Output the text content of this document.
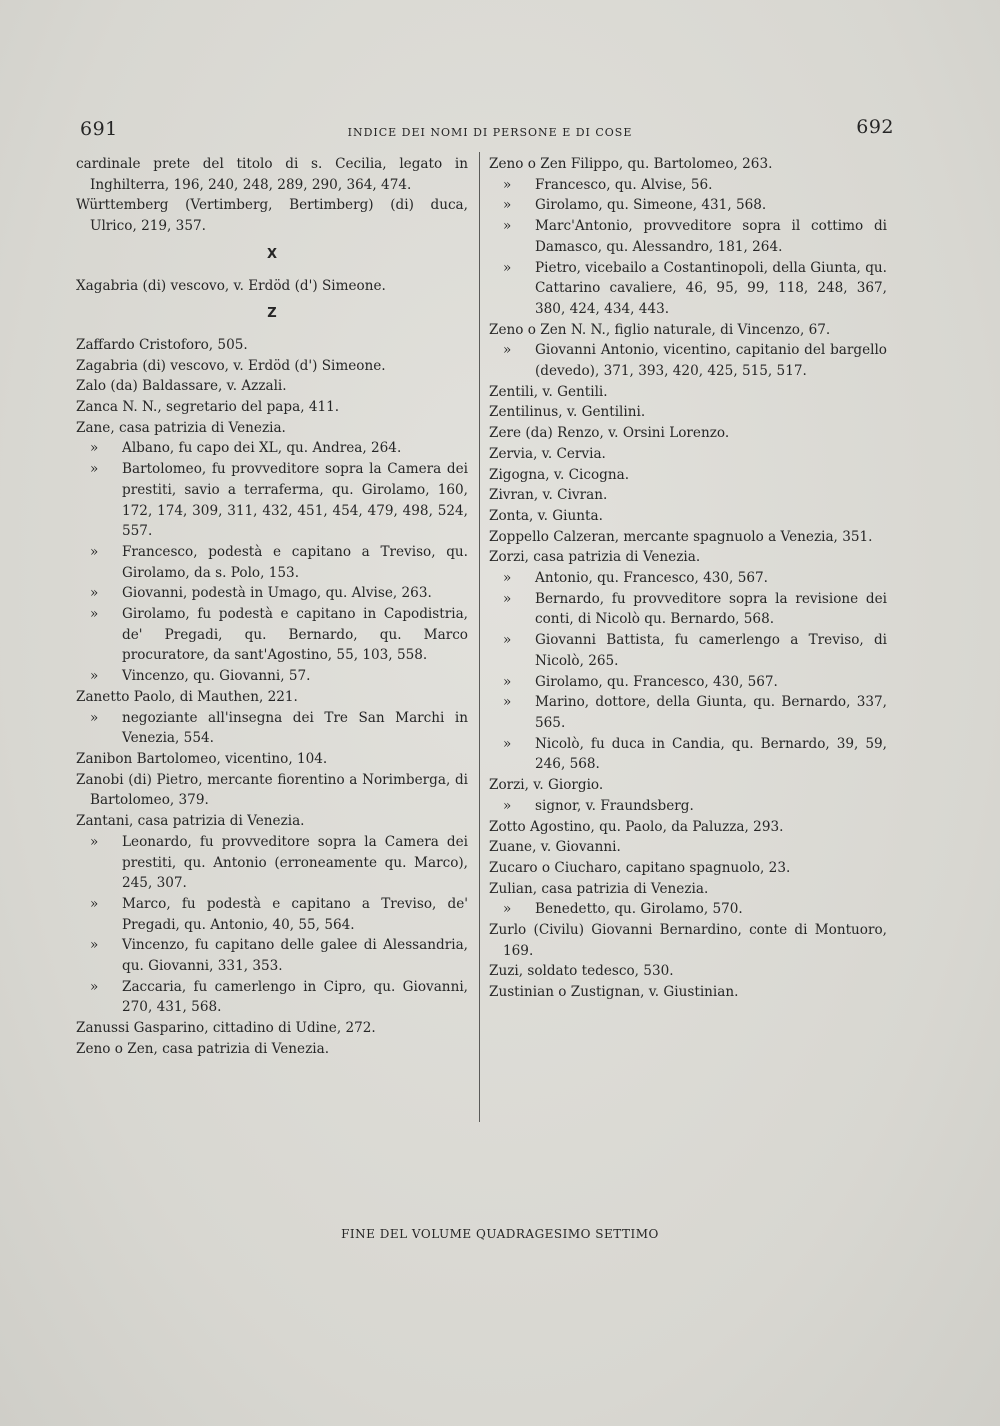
691	INDICE DEI NOMI DI PERSONE E DI COSE	692
cardinale prete del titolo di s. Cecilia, legato in Inghilterra, 196, 240, 248, 289, 290, 364, 474.
Württemberg (Vertimberg, Bertimberg) (di) duca, Ulrico, 219, 357.
X
Xagabria (di) vescovo, v. Erdöd (d') Simeone.
Z
Zaffardo Cristoforo, 505.
Zagabria (di) vescovo, v. Erdöd (d') Simeone.
Zalo (da) Baldassare, v. Azzali.
Zanca N. N., segretario del papa, 411.
Zane, casa patrizia di Venezia.
» Albano, fu capo dei XL, qu. Andrea, 264.
» Bartolomeo, fu provveditore sopra la Camera dei prestiti, savio a terraferma, qu. Girolamo, 160, 172, 174, 309, 311, 432, 451, 454, 479, 498, 524, 557.
» Francesco, podestà e capitano a Treviso, qu. Girolamo, da s. Polo, 153.
» Giovanni, podestà in Umago, qu. Alvise, 263.
» Girolamo, fu podestà e capitano in Capodistria, de' Pregadi, qu. Bernardo, qu. Marco procuratore, da sant'Agostino, 55, 103, 558.
» Vincenzo, qu. Giovanni, 57.
Zanetto Paolo, di Mauthen, 221.
» negoziante all'insegna dei Tre San Marchi in Venezia, 554.
Zanibon Bartolomeo, vicentino, 104.
Zanobi (di) Pietro, mercante fiorentino a Norimberga, di Bartolomeo, 379.
Zantani, casa patrizia di Venezia.
» Leonardo, fu provveditore sopra la Camera dei prestiti, qu. Antonio (erroneamente qu. Marco), 245, 307.
» Marco, fu podestà e capitano a Treviso, de' Pregadi, qu. Antonio, 40, 55, 564.
» Vincenzo, fu capitano delle galee di Alessandria, qu. Giovanni, 331, 353.
» Zaccaria, fu camerlengo in Cipro, qu. Giovanni, 270, 431, 568.
Zanussi Gasparino, cittadino di Udine, 272.
Zeno o Zen, casa patrizia di Venezia.
Zeno o Zen Filippo, qu. Bartolomeo, 263.
» Francesco, qu. Alvise, 56.
» Girolamo, qu. Simeone, 431, 568.
» Marc'Antonio, provveditore sopra il cottimo di Damasco, qu. Alessandro, 181, 264.
» Pietro, vicebailo a Costantinopoli, della Giunta, qu. Cattarino cavaliere, 46, 95, 99, 118, 248, 367, 380, 424, 434, 443.
Zeno o Zen N. N., figlio naturale, di Vincenzo, 67.
» Giovanni Antonio, vicentino, capitanio del bargello (devedo), 371, 393, 420, 425, 515, 517.
Zentili, v. Gentili.
Zentilinus, v. Gentilini.
Zere (da) Renzo, v. Orsini Lorenzo.
Zervia, v. Cervia.
Zigogna, v. Cicogna.
Zivran, v. Civran.
Zonta, v. Giunta.
Zoppello Calzeran, mercante spagnuolo a Venezia, 351.
Zorzi, casa patrizia di Venezia.
» Antonio, qu. Francesco, 430, 567.
» Bernardo, fu provveditore sopra la revisione dei conti, di Nicolò qu. Bernardo, 568.
» Giovanni Battista, fu camerlengo a Treviso, di Nicolò, 265.
» Girolamo, qu. Francesco, 430, 567.
» Marino, dottore, della Giunta, qu. Bernardo, 337, 565.
» Nicolò, fu duca in Candia, qu. Bernardo, 39, 59, 246, 568.
Zorzi, v. Giorgio.
» signor, v. Fraundsberg.
Zotto Agostino, qu. Paolo, da Paluzza, 293.
Zuane, v. Giovanni.
Zucaro o Ciucharo, capitano spagnuolo, 23.
Zulian, casa patrizia di Venezia.
» Benedetto, qu. Girolamo, 570.
Zurlo (Civilu) Giovanni Bernardino, conte di Montuoro, 169.
Zuzi, soldato tedesco, 530.
Zustinian o Zustignan, v. Giustinian.
FINE DEL VOLUME QUADRAGESIMO SETTIMO
